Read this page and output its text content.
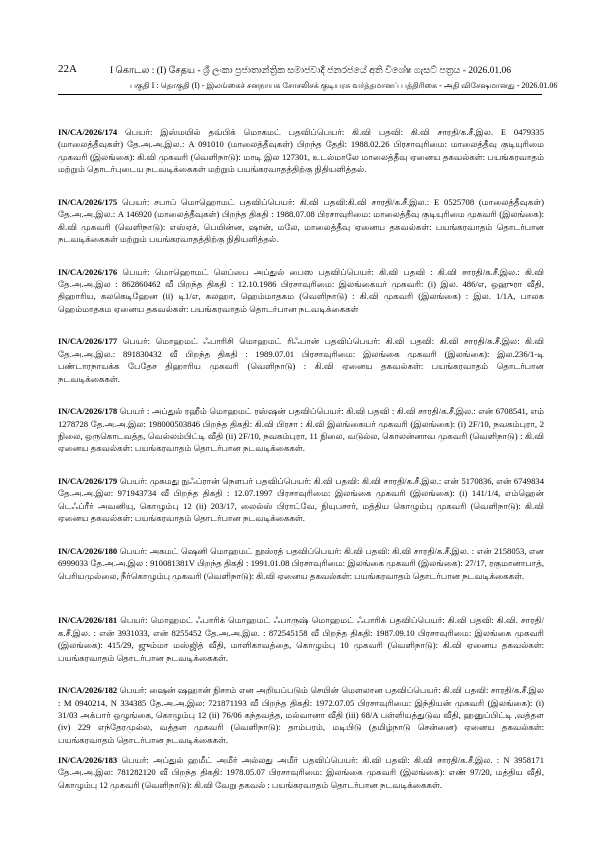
22A	I கொடல : (I) சேதய - ශ්‍රී ලංකා ප්‍රජාතාන්ත්‍රික සමාජවාදී ජනරජයේ අති විශේෂ ගැසට් පත්‍රය - 2026.01.06
பகுதி I : தொகுதி (I) - இலங்கைச் சனநாயக சோசலிசக் குடியரசு வர்த்தமானப் பத்திரிகை - அதி விசேஷமானது - 2026.01.06

IN/CA/2026/174 பெயர்: இஸ்மயில் தவ்பிக் மொகமட் பதவிப்பெயர்: கி.வி பதவி: கி.வி சாரதி/க.சீ.இல. E 0479335 (மாலைத்தீவுகள்) தே.அ.அ.இல.: A 091010 (மாலைத்தீவுகள்) பிறந்த தேதி: 1988.02.26 பிரசாவுரிமை: மாலைத்தீவு குடியுரிமை முகவரி (இலங்கை): கி.வி முகவரி (வெளிநாடு): மாடி இல 127301, உடல்மாலே மாலைத்தீவு ஏனைய தகவல்கள்: பயங்கரவாதம் மற்றும் தொடர்புடைய நடவடிக்கைகள் மற்றும் பயங்கரவாதத்திற்கு நிதியளித்தல்.

IN/CA/2026/175 பெயர்: சபாப் மொஹொமட் பதவிப்பெயர்: கி.வி பதவி:கி.வி சாரதி/க.சீ.இல.: E 0525708 (மாலைத்தீவுகள்) தே.அ.அ.இல.: A 146920 (மாலைத்தீவுகள்) பிறந்த திகதி : 1988.07.08 பிரசாவுரிமை: மாலைத்தீவு குடியுரிமை முகவரி (இலங்கை): கி.வி முகவரி (வெளிநாடு): எஸ்ஏச், பெயின்ன, ஷான், மலே, மாலைத்தீவு ஏனைய தகவல்கள்: பயங்கரவாதம் தொடர்பான நடவடிக்கைகள் மற்றும் பயங்கரவாதத்திற்கு நிதியளித்தல்.

IN/CA/2026/176 பெயர்: மொஹொமட் லெப்பை அப்துல் பைஸ பதவிப்பெயர்: கி.வி பதவி : கி.வி சாரதி/க.சீ.இல.: கி.வி தே.அ.அ.இல : 862860462 வீ பிறந்த திகதி : 12.10.1986 பிரசாவுரிமை: இலங்கையர் முகவரி: (i) இல. 486/எ, ஒஹுரா வீதி, திஹாரிய, கலகெடிஹேன (ii) டி1/எ, கலஹா, ஹெம்மாதகம (வெளிநாடு) : கி.வி முகவரி (இலங்கை) : இல. 1/1A, பாலக ஹெம்மாதகம ஏனைய தகவல்கள்: பயங்கரவாதம் தொடர்பான நடவடிக்கைகள்

IN/CA/2026/177 பெயர்: மொஹமட் ஃபாரிசி மொஹமட் ரிஃபான் பதவிப்பெயர்: கி.வி பதவி: கி.வி சாரதி/க.சீ.இல: கி.வி தே.அ.அ.இல.: 891830432 வீ பிறந்த திகதி : 1989.07.01 பிரசாவுரிமை: இலங்கை முகவரி (இலங்கை): இல.236/1-டி பண்டாரநாயக்க பேதேச திஹாரிய முகவரி (வெளிநாடு) : கி.வி ஏனைய தகவல்கள்: பயங்கரவாதம் தொடர்பான நடவடிக்கைகள்.

IN/CA/2026/178 பெயர் : அப்துல் ரஹீம் மொஹமட் ரஸ்ஷன் பதவிப்பெயர்: கி.வி பதவி : கி.வி சாரதி/க.சீ.இல.: என் 6708541, எம் 1278728 தே.அ.அ.இல: 198000503846 பிறந்த திகதி: கி.வி பிரசா : கி.வி இலங்கையர் முகவரி (இலங்கை): (i) 2F/10, நவகம்புரா, 2 நிலை, ஒருகொடவத்த, வெல்லம்பிட்டி வீதி (ii) 2F/10, நவகம்புரா, 11 நிலை, வடுல்ல, கொலன்னாவ முகவரி (வெளிநாடு) : கி.வி ஏனைய தகவல்கள்: பயங்கரவாதம் தொடர்பான நடவடிக்கைகள்.

IN/CA/2026/179 பெயர்: முகமது நுஃப்ரான் நௌபர் பதவிப்பெயர்: கி.வி பதவி: கி.வி சாரதி/க.சீ.இல.: என் 5170836, என் 6749834 தே.அ.அ.இல: 971943734 வீ பிறந்த திகதி : 12.07.1997 பிரசாவுரிமை: இலங்கை முகவரி (இலங்கை): (i) 141/1/4, எம்ஹென் டெஃப்ரீர் அவனியு, கொழும்பு 12 (ii) 203/17, லைல்ஸ் பிராட்வே, நியுபசார், மத்திய கொழும்பு முகவரி (வெளிநாடு): கி.வி ஏனைய தகவல்கள்: பயங்கரவாதம் தொடர்பான நடவடிக்கைகள்.

IN/CA/2026/180 பெயர்: அகமட் ஷெனி மொஹமட் நூஸ்ரத் பதவிப்பெயர்: கி.வி பதவி: கி.வி சாரதி/க.சீ.இல. : என் 2158053, என 6999033 தே.அ.அ.இல : 910081381V பிறந்த திகதி : 1991.01.08 பிரசாவுரிமை: இலங்கை முகவரி (இலங்கை): 27/17, ரகுமானாபாத், பெரியமுல்லை, நீர்கொழும்பு முகவரி (வெளிநாடு): கி.வி ஏனைய தகவல்கள்: பயங்கரவாதம் தொடர்பான நடவடிக்கைகள்.

IN/CA/2026/181 பெயர்: மொஹமட் ஃபாரிக் மொஹமட் ஃபாருஷ் மொஹமட் ஃபாரிக் பதவிப்பெயர்: கி.வி பதவி: கி.வி. சாரதி/க.சீ.இல. : என் 3931033, என் 8255452 தே.அ.அ.இல. : 872545158 வீ பிறந்த திகதி: 1987.09.10 பிரசாவுரிமை: இலங்கை முகவரி (இலங்கை): 415/29, ஜும்மா மஸ்ஜித் வீதி, மாளிகாவத்தை, கொழும்பு 10 முகவரி (வெளிநாடு): கி.வி ஏனைய தகவல்கள்: பயங்கரவாதம் தொடர்பான நடவடிக்கைகள்.

IN/CA/2026/182 பெயர்: ஷைன் ஷஹான் நிசாம் என அறியப்படும் செயின் மௌலான பதவிப்பெயர்: கி.வி பதவி: சாரதி/க.சீ.இல : M 0940214, N 334385 தே.அ.அ.இல: 721871193 வீ பிறந்த திகதி: 1972.07.05 பிரசாவுரிமை: இந்தியன் முகவரி (இலங்கை): (i) 31/03 அக்பார் ஒழுங்கை, கொழும்பு 12 (ii) 76/06 கந்தவத்த, மல்வானா வீதி (iii) 68/A பள்ளியத்துடுவ வீதி, ஹனுப்பிட்டி ,வத்தள (iv) 229 எந்தேரமுல்ல, வத்தள முகவரி (வெளிநாடு): தாம்பரம், மடிபிடு (தமிழ்நாடு சென்னை) ஏனைய தகவல்கள்: பயங்கரவாதம் தொடர்பான நடவடிக்கைகள்.

IN/CA/2026/183 பெயர்: அப்துல் ஹமீட் அமீர் அல்லது அமீர் பதவிப்பெயர்: கி.வி பதவி: கி.வி சாரதி/க.சீ.இல. : N 3958171 தே.அ.அ.இல: 781282120 வீ பிறந்த திகதி: 1978.05.07 பிரசாவுரிமை: இலங்கை முகவரி (இலங்கை): எண் 97/20, மத்திய வீதி, கொழும்பு 12 முகவரி (வெளிநாடு): கி.வி வேறு தகவல் : பயங்கரவாதம் தொடர்பான நடவடிக்கைகள்.
